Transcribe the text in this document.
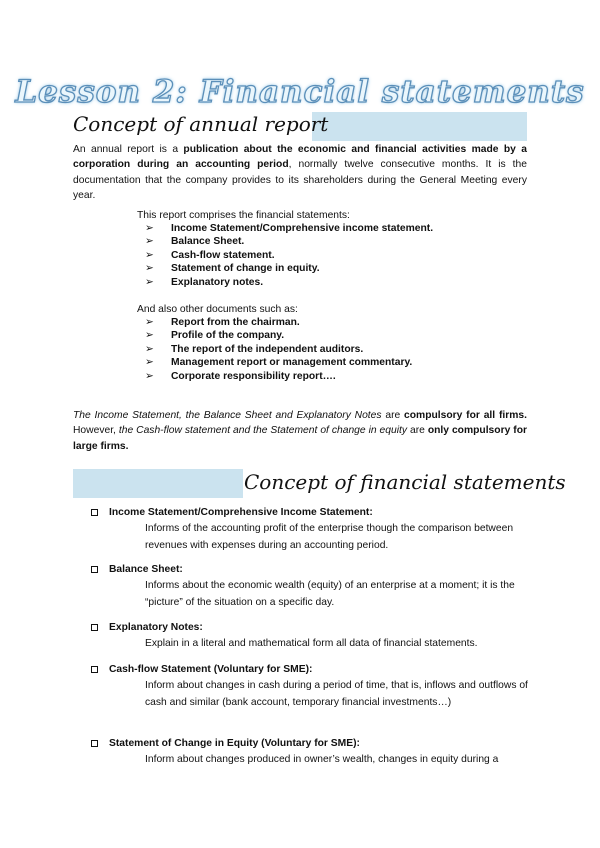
Lesson 2: Financial statements
Concept of annual report
An annual report is a publication about the economic and financial activities made by a corporation during an accounting period, normally twelve consecutive months. It is the documentation that the company provides to its shareholders during the General Meeting every year.
This report comprises the financial statements:
➢ Income Statement/Comprehensive income statement.
➢ Balance Sheet.
➢ Cash-flow statement.
➢ Statement of change in equity.
➢ Explanatory notes.
And also other documents such as:
➢ Report from the chairman.
➢ Profile of the company.
➢ The report of the independent auditors.
➢ Management report or management commentary.
➢ Corporate responsibility report….
The Income Statement, the Balance Sheet and Explanatory Notes are compulsory for all firms. However, the Cash-flow statement and the Statement of change in equity are only compulsory for large firms.
Concept of financial statements
Income Statement/Comprehensive Income Statement:
Informs of the accounting profit of the enterprise though the comparison between revenues with expenses during an accounting period.
Balance Sheet:
Informs about the economic wealth (equity) of an enterprise at a moment; it is the “picture” of the situation on a specific day.
Explanatory Notes:
Explain in a literal and mathematical form all data of financial statements.
Cash-flow Statement (Voluntary for SME):
Inform about changes in cash during a period of time, that is, inflows and outflows of cash and similar (bank account, temporary financial investments…)
Statement of Change in Equity (Voluntary for SME):
Inform about changes produced in owner’s wealth, changes in equity during a
